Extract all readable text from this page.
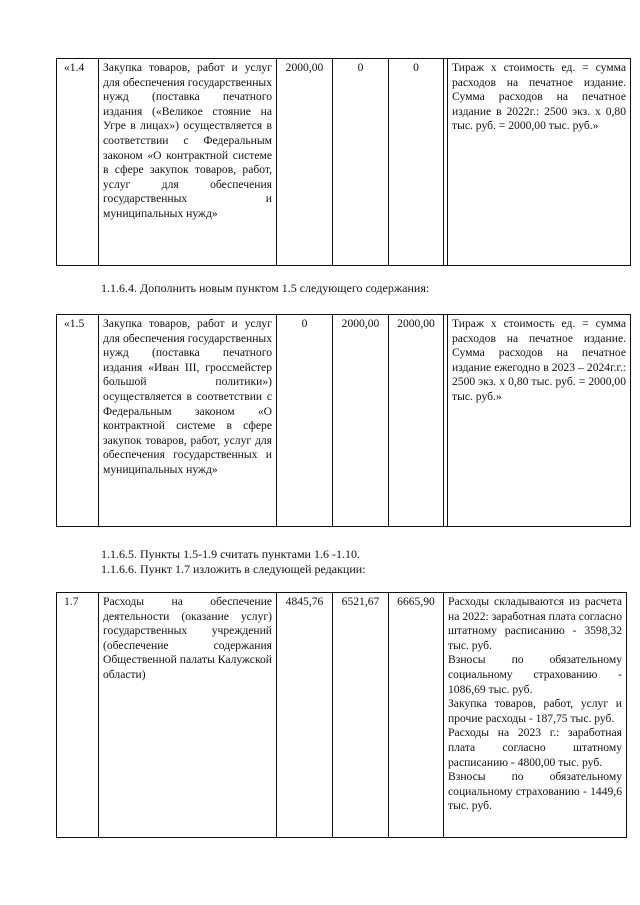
«1.4	Закупка товаров, работ и услуг для обеспечения государственных нужд (поставка печатного издания («Великое стояние на Угре в лицах») осуществляется в соответствии с Федеральным законом «О контрактной системе в сфере закупок товаров, работ, услуг для обеспечения государственных и муниципальных нужд»	2000,00	0	0		Тираж х стоимость ед. = сумма расходов на печатное издание. Сумма расходов на печатное издание в 2022г.: 2500 экз. х 0,80 тыс. руб. = 2000,00 тыс. руб.»
1.1.6.4. Дополнить новым пунктом 1.5 следующего содержания:
«1.5	Закупка товаров, работ и услуг для обеспечения государственных нужд (поставка печатного издания «Иван III, гроссмейстер большой политики») осуществляется в соответствии с Федеральным законом «О контрактной системе в сфере закупок товаров, работ, услуг для обеспечения государственных и муниципальных нужд»	0	2000,00	2000,00		Тираж х стоимость ед. = сумма расходов на печатное издание. Сумма расходов на печатное издание ежегодно в 2023 – 2024г.г.: 2500 экз. х 0,80 тыс. руб. = 2000,00 тыс. руб.»
1.1.6.5. Пункты 1.5-1.9 считать пунктами 1.6 -1.10.
1.1.6.6. Пункт 1.7 изложить в следующей редакции:
1.7	Расходы на обеспечение деятельности (оказание услуг) государственных учреждений (обеспечение содержания Общественной палаты Калужской области)	4845,76	6521,67	6665,90	Расходы складываются из расчета на 2022: заработная плата согласно штатному расписанию - 3598,32 тыс. руб.
Взносы по обязательному социальному страхованию - 1086,69 тыс. руб.
Закупка товаров, работ, услуг и прочие расходы - 187,75 тыс. руб.
Расходы на 2023 г.: заработная плата согласно штатному расписанию - 4800,00 тыс. руб.
Взносы по обязательному социальному страхованию - 1449,6 тыс. руб.
